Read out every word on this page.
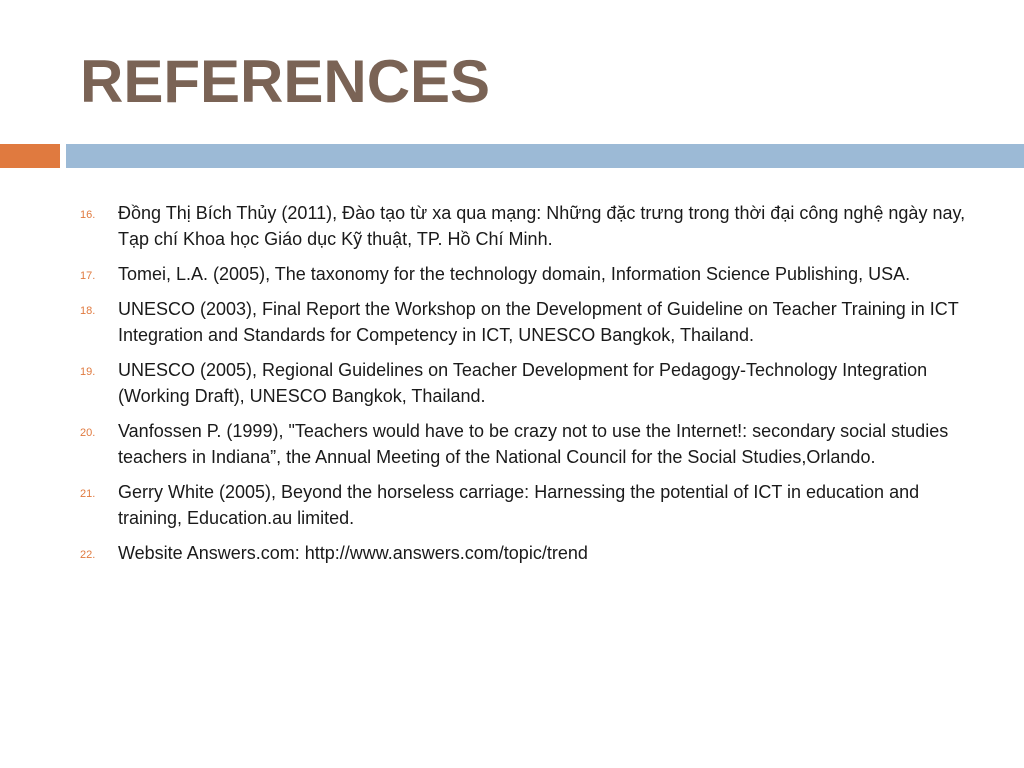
REFERENCES
16. Đồng Thị Bích Thủy (2011), Đào tạo từ xa qua mạng: Những đặc trưng trong thời đại công nghệ ngày nay, Tạp chí Khoa học Giáo dục Kỹ thuật, TP. Hồ Chí Minh.
17. Tomei, L.A. (2005), The taxonomy for the technology domain, Information Science Publishing, USA.
18. UNESCO (2003), Final Report the Workshop on the Development of Guideline on Teacher Training in ICT Integration and Standards for Competency in ICT, UNESCO Bangkok, Thailand.
19. UNESCO (2005), Regional Guidelines on Teacher Development for Pedagogy-Technology Integration (Working Draft), UNESCO Bangkok, Thailand.
20. Vanfossen P. (1999), "Teachers would have to be crazy not to use the Internet!: secondary social studies teachers in Indiana”, the Annual Meeting of the National Council for the Social Studies,Orlando.
21. Gerry White (2005), Beyond the horseless carriage: Harnessing the potential of ICT in education and training, Education.au limited.
22. Website Answers.com: http://www.answers.com/topic/trend
